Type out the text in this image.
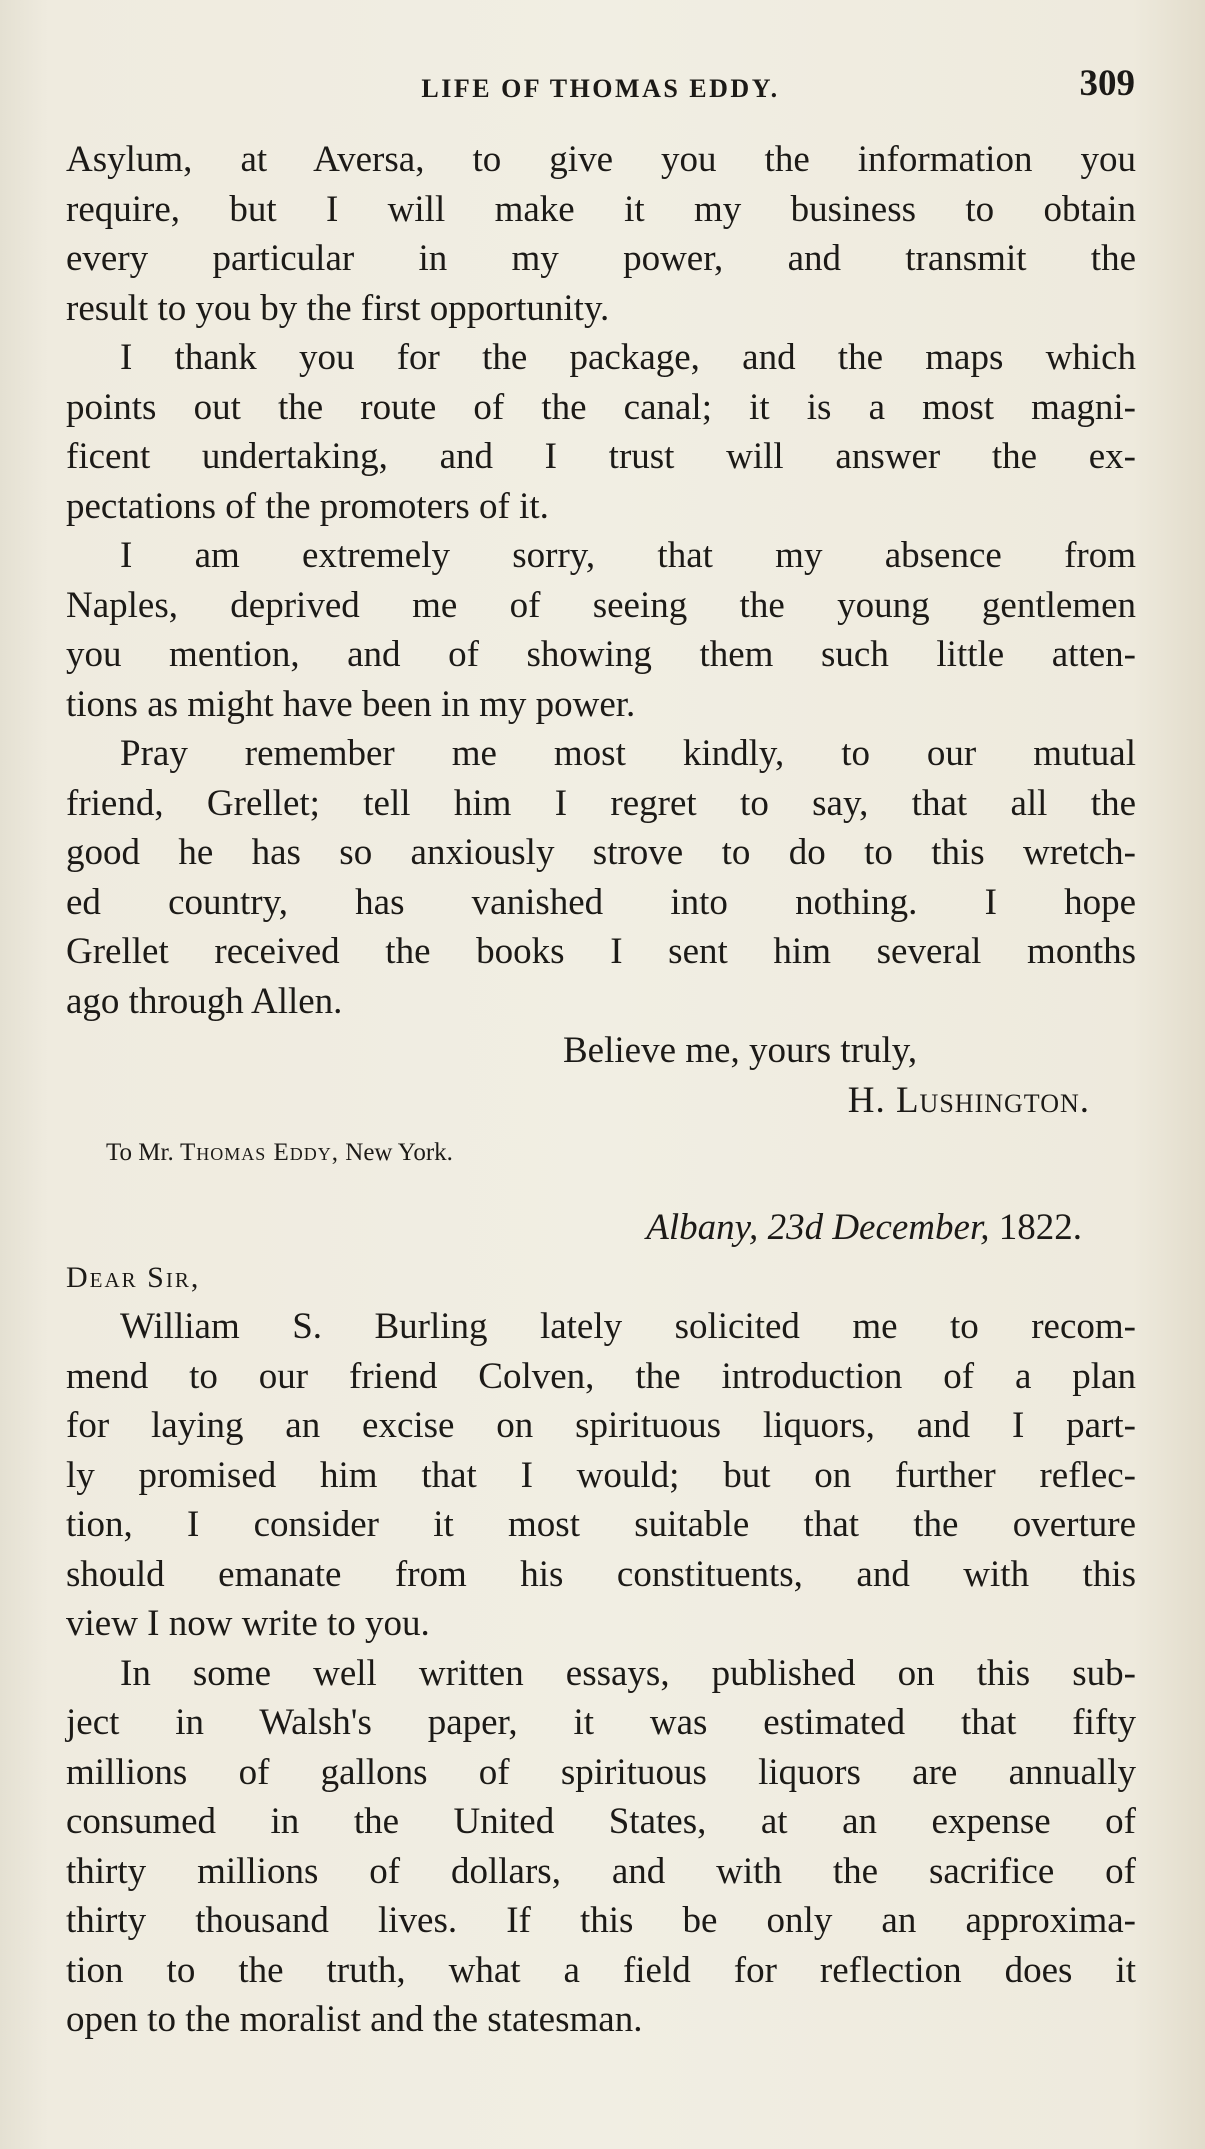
LIFE OF THOMAS EDDY.	309
Asylum, at Aversa, to give you the information you
require, but I will make it my business to obtain
every particular in my power, and transmit the
result to you by the first opportunity.
I thank you for the package, and the maps which
points out the route of the canal; it is a most magni-
ficent undertaking, and I trust will answer the ex-
pectations of the promoters of it.
I am extremely sorry, that my absence from
Naples, deprived me of seeing the young gentlemen
you mention, and of showing them such little atten-
tions as might have been in my power.
Pray remember me most kindly, to our mutual
friend, Grellet; tell him I regret to say, that all the
good he has so anxiously strove to do to this wretch-
ed country, has vanished into nothing. I hope
Grellet received the books I sent him several months
ago through Allen.
Believe me, yours truly,
H. Lushington.
To Mr. Thomas Eddy, New York.
Albany, 23d December, 1822.
Dear Sir,
William S. Burling lately solicited me to recom-
mend to our friend Colven, the introduction of a plan
for laying an excise on spirituous liquors, and I part-
ly promised him that I would; but on further reflec-
tion, I consider it most suitable that the overture
should emanate from his constituents, and with this
view I now write to you.
In some well written essays, published on this sub-
ject in Walsh's paper, it was estimated that fifty
millions of gallons of spirituous liquors are annually
consumed in the United States, at an expense of
thirty millions of dollars, and with the sacrifice of
thirty thousand lives. If this be only an approxima-
tion to the truth, what a field for reflection does it
open to the moralist and the statesman.
